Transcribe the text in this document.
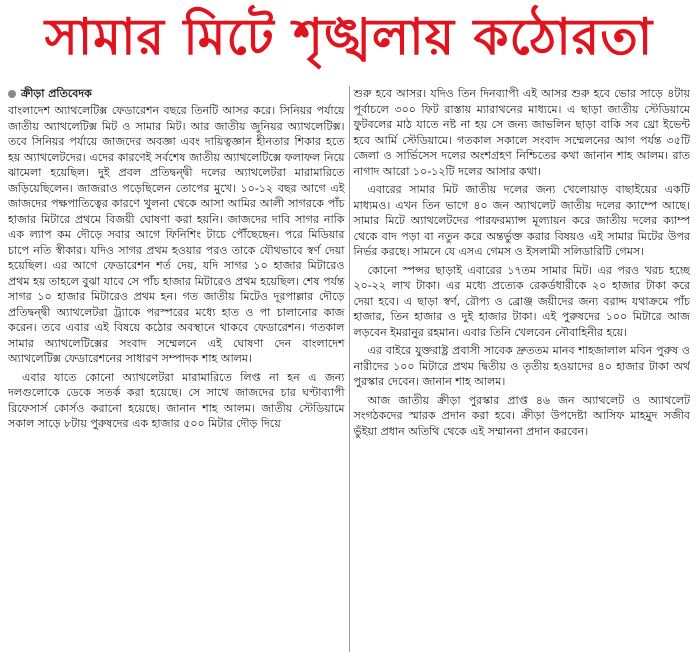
সামার মিটে শৃঙ্খলায় কঠোরতা
ক্রীড়া প্রতিবেদক

বাংলাদেশ অ্যাথলেটিক্স ফেডারেশন বছরে তিনটি আসর করে। সিনিয়র পর্যায়ে জাতীয় অ্যাথলেটিক্স মিট ও সামার মিট। আর জাতীয় জুনিয়র অ্যাথলেটিক্স। তবে সিনিয়র পর্যায়ে জাজদের অবজ্ঞা এবং দায়িত্বজ্ঞান হীনতার শিকার হতে হয় অ্যাথলেটদের। এদের কারণেই সর্বশেষ জাতীয় অ্যাথলেটিক্সে ফলাফল নিয়ে ঝামেলা হয়েছিল। দুই প্রবল প্রতিদ্বন্দ্বী দলের অ্যাথলেটরা মারামারিতে জড়িয়েছিলেন। জাজরাও পড়েছিলেন তোপের মুখে। ১০-১২ বছর আগে এই জাজদের পক্ষপাতিত্বের কারণে খুলনা থেকে আসা আমির আলী সাগরকে পাঁচ হাজার মিটারে প্রথমে বিজয়ী ঘোষণা করা হয়নি। জাজদের দাবি সাগর নাকি এক ল্যাপ কম দৌড়ে সবার আগে ফিনিশিং টাচে পৌঁছেছেন। পরে মিডিয়ার চাপে নতি স্বীকার। যদিও সাগর প্রথম হওয়ার পরও তাকে যৌথভাবে স্বর্ণ দেয়া হয়েছিল। এর আগে ফেডারেশন শর্ত দেয়, যদি সাগর ১০ হাজার মিটারেও প্রথম হয় তাহলে বুঝা যাবে সে পাঁচ হাজার মিটারেও প্রথম হয়েছিল। শেষ পর্যন্ত সাগর ১০ হাজার মিটারেও প্রথম হন। গত জাতীয় মিটেও দূরপাল্লার দৌড়ে প্রতিদ্বন্দ্বী অ্যাথলেটরা ট্র্যাকে পরস্পরের মধ্যে হাত ও পা চালানোর কাজ করেন। তবে এবার এই বিষয়ে কঠোর অবস্থানে থাকবে ফেডারেশন। গতকাল সামার অ্যাথলেটিক্সের সংবাদ সম্মেলনে এই ঘোষণা দেন বাংলাদেশ অ্যাথলেটিক্স ফেডারেশনের সাধারণ সম্পাদক শাহ আলম।

এবার যাতে কোনো অ্যাথলেটরা মারামারিতে লিপ্ত না হন এ জন্য দলগুলোকে ডেকে সতর্ক করা হয়েছে। সে সাথে জাজদের চার ঘণ্টাব্যাপী রিফেসার্স কোর্সও করানো হয়েছে। জানান শাহ আলম। জাতীয় স্টেডিয়ামে সকাল সাড়ে ৮টায় পুরুষদের এক হাজার ৫০০ মিটার দৌড় দিয়ে

শুরু হবে আসর। যদিও তিন দিনব্যাপী এই আসর শুরু হবে ভোর সাড়ে ৪টায় পূর্বাচলে ৩০০ ফিট রাস্তায় ম্যারাথনের মাধ্যমে। এ ছাড়া জাতীয় স্টেডিয়ামে ফুটবলের মাঠ যাতে নষ্ট না হয় সে জন্য জাভলিন ছাড়া বাকি সব থ্রো ইভেন্ট হবে আর্মি স্টেডিয়ামে। গতকাল সকালে সংবাদ সম্মেলনের আগ পর্যন্ত ৩৫টি জেলা ও সার্ভিসেস দলের অংশগ্রহণ নিশ্চিতের কথা জানান শাহ আলম। রাত নাগাদ আরো ১০-১২টি দলের আসার কথা।

এবারের সামার মিট জাতীয় দলের জন্য খেলোয়াড় বাছাইয়ের একটি মাধ্যমও। এখন তিন ভাগে ৪০ জন অ্যাথলেট জাতীয় দলের ক্যাম্পে আছে। সামার মিটে অ্যাথলেটদের পারফরম্যান্স মূল্যায়ন করে জাতীয় দলের ক্যাম্প থেকে বাদ পড়া বা নতুন করে অন্তর্ভুক্ত করার বিষয়ও এই সামার মিটের উপর নির্ভর করছে। সামনে যে এসএ গেমস ও ইসলামী সলিডারিটি গেমস।

কোনো স্পন্সর ছাড়াই এবারের ১৭তম সামার মিট। এর পরও খরচ হচ্ছে ২০-২২ লাখ টাকা। এর মধ্যে প্রত্যেক রেকর্ডধারীকে ২০ হাজার টাকা করে দেয়া হবে। এ ছাড়া স্বর্ণ, রৌপ্য ও ব্রোঞ্জ জয়ীদের জন্য বরাদ্দ যথাক্রমে পাঁচ হাজার, তিন হাজার ও দুই হাজার টাকা। এই পুরুষদের ১০০ মিটারে আজ লড়বেন ইমরানুর রহমান। এবার তিনি খেলবেন নৌবাহিনীর হয়ে।

এর বাইরে যুক্তরাষ্ট্র প্রবাসী সাবেক দ্রুততম মানব শাহজালাল মবিন পুরুষ ও নারীদের ১০০ মিটারে প্রথম দ্বিতীয় ও তৃতীয় হওয়াদের ৪০ হাজার টাকা অর্থ পুরস্কার দেবেন। জানান শাহ আলম।

আজ জাতীয় ক্রীড়া পুরস্কার প্রাপ্ত ৪৬ জন অ্যাথলেট ও অ্যাথলেট সংগঠকদের স্মারক প্রদান করা হবে। ক্রীড়া উপদেষ্টা আসিফ মাহমুদ সজীব ভুঁইয়া প্রধান অতিথি থেকে এই সম্মাননা প্রদান করবেন।
